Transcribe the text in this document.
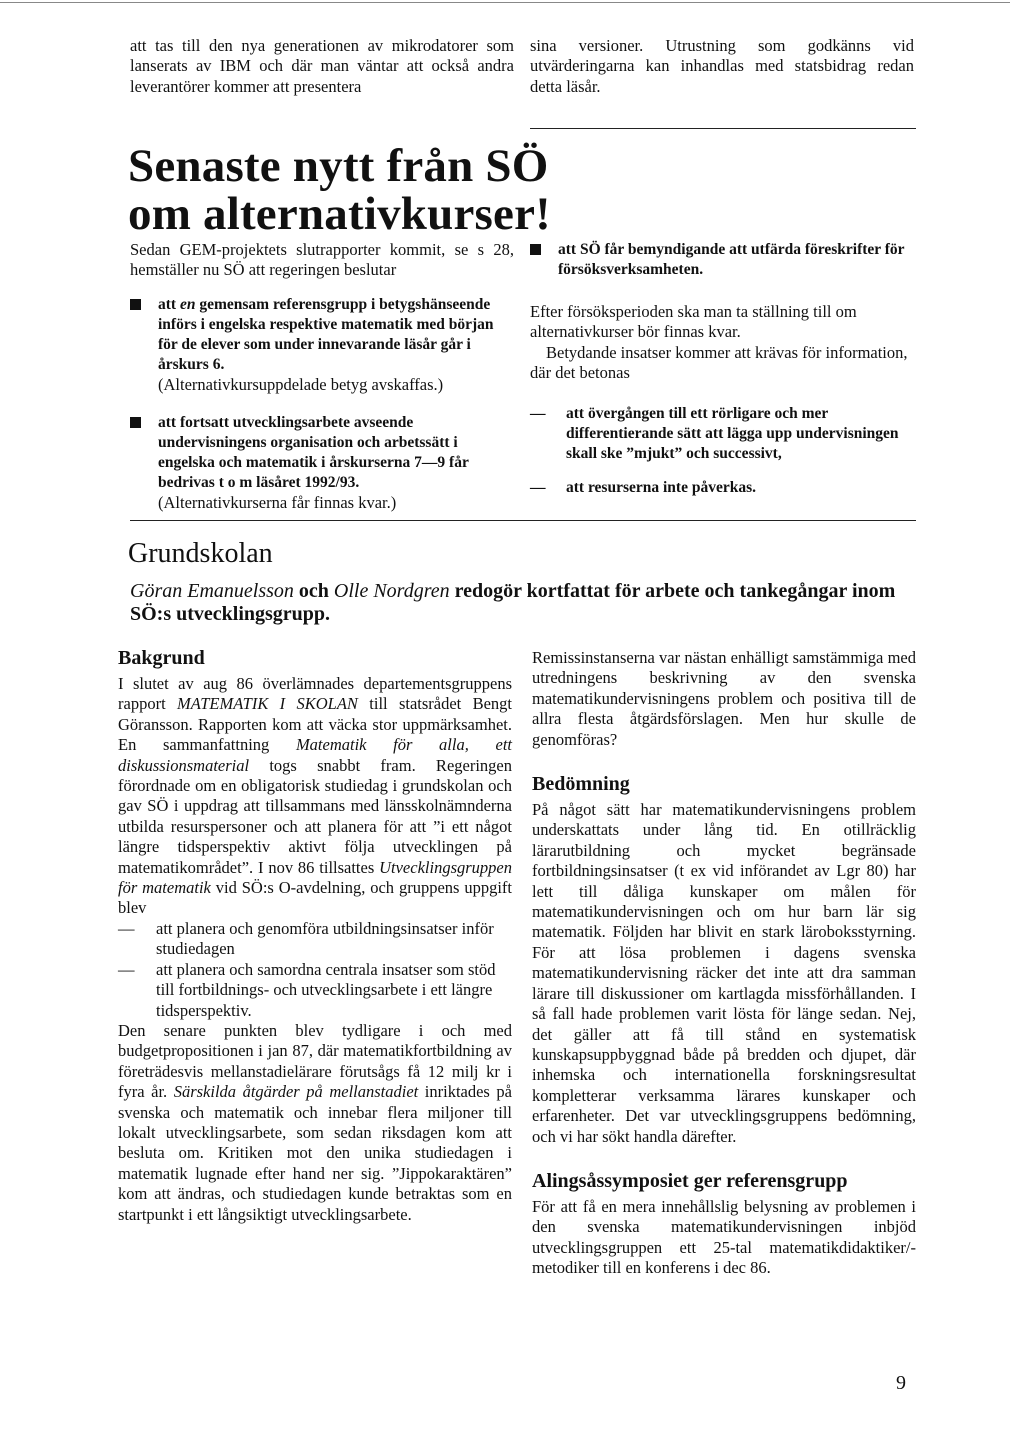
att tas till den nya generationen av mikrodatorer som lanserats av IBM och där man väntar att också andra leverantörer kommer att presentera

sina versioner. Utrustning som godkänns vid utvärderingarna kan inhandlas med statsbidrag redan detta läsår.

Senaste nytt från SÖ
om alternativkurser!

Sedan GEM-projektets slutrapporter kommit, se s 28, hemställer nu SÖ att regeringen beslutar

att en gemensam referensgrupp i betygshänseende införs i engelska respektive matematik med början för de elever som under innevarande läsår går i årskurs 6.
(Alternativkursuppdelade betyg avskaffas.)
att fortsatt utvecklingsarbete avseende undervisningens organisation och arbetssätt i engelska och matematik i årskurserna 7—9 får bedrivas t o m läsåret 1992/93.
(Alternativkurserna får finnas kvar.)
att SÖ får bemyndigande att utfärda föreskrifter för försöksverksamheten.

Efter försöksperioden ska man ta ställning till om alternativkurser bör finnas kvar.

Betydande insatser kommer att krävas för information, där det betonas

— att övergången till ett rörligare och mer differentierande sätt att lägga upp undervisningen skall ske ”mjukt” och successivt,
— att resurserna inte påverkas.
Grundskolan
Göran Emanuelsson och Olle Nordgren redogör kortfattat för arbete och tankegångar inom SÖ:s utvecklingsgrupp.
Bakgrund

I slutet av aug 86 överlämnades departementsgruppens rapport MATEMATIK I SKOLAN till statsrådet Bengt Göransson. Rapporten kom att väcka stor uppmärksamhet. En sammanfattning Matematik för alla, ett diskussionsmaterial togs snabbt fram. Regeringen förordnade om en obligatorisk studiedag i grundskolan och gav SÖ i uppdrag att tillsammans med länsskolnämnderna utbilda resurspersoner och att planera för att ”i ett något längre tidsperspektiv aktivt följa utvecklingen på matematikområdet”. I nov 86 tillsattes Utvecklingsgruppen för matematik vid SÖ:s O-avdelning, och gruppens uppgift blev

— att planera och genomföra utbildningsinsatser inför studiedagen
— att planera och samordna centrala insatser som stöd till fortbildnings- och utvecklingsarbete i ett längre tidsperspektiv.

Den senare punkten blev tydligare i och med budgetpropositionen i jan 87, där matematikfortbildning av företrädesvis mellanstadielärare förutsågs få 12 milj kr i fyra år. Särskilda åtgärder på mellanstadiet inriktades på svenska och matematik och innebar flera miljoner till lokalt utvecklingsarbete, som sedan riksdagen kom att besluta om. Kritiken mot den unika studiedagen i matematik lugnade efter hand ner sig. ”Jippokaraktären” kom att ändras, och studiedagen kunde betraktas som en startpunkt i ett långsiktigt utvecklingsarbete.

Remissinstanserna var nästan enhälligt samstämmiga med utredningens beskrivning av den svenska matematikundervisningens problem och positiva till de allra flesta åtgärdsförslagen. Men hur skulle de genomföras?

Bedömning

På något sätt har matematikundervisningens problem underskattats under lång tid. En otillräcklig lärarutbildning och mycket begränsade fortbildningsinsatser (t ex vid införandet av Lgr 80) har lett till dåliga kunskaper om målen för matematikundervisningen och om hur barn lär sig matematik. Följden har blivit en stark läroboksstyrning. För att lösa problemen i dagens svenska matematikundervisning räcker det inte att dra samman lärare till diskussioner om kartlagda missförhållanden. I så fall hade problemen varit lösta för länge sedan. Nej, det gäller att få till stånd en systematisk kunskapsuppbyggnad både på bredden och djupet, där inhemska och internationella forskningsresultat kompletterar verksamma lärares kunskaper och erfarenheter. Det var utvecklingsgruppens bedömning, och vi har sökt handla därefter.

Alingsåssymposiet ger referensgrupp

För att få en mera innehållslig belysning av problemen i den svenska matematikundervisningen inbjöd utvecklingsgruppen ett 25-tal matematikdidaktiker/-metodiker till en konferens i dec 86.

9
